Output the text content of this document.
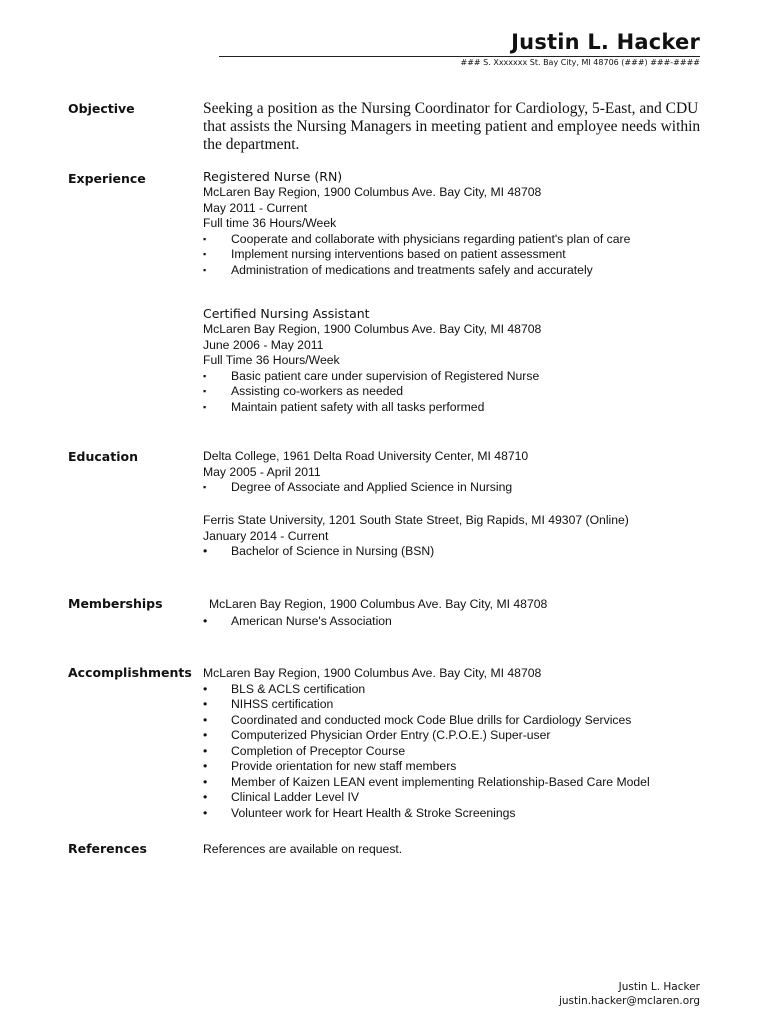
Justin L. Hacker
### S. Xxxxxxx St. Bay City, MI 48706 (###) ###-####
Objective	Seeking a position as the Nursing Coordinator for Cardiology, 5-East, and CDU
that assists the Nursing Managers in meeting patient and employee needs within
the department.
Experience	Registered Nurse (RN)
McLaren Bay Region, 1900 Columbus Ave. Bay City, MI 48708
May 2011 - Current
Full time 36 Hours/Week
▪ Cooperate and collaborate with physicians regarding patient's plan of care
▪ Implement nursing interventions based on patient assessment
▪ Administration of medications and treatments safely and accurately
Certified Nursing Assistant
McLaren Bay Region, 1900 Columbus Ave. Bay City, MI 48708
June 2006 - May 2011
Full Time 36 Hours/Week
▪ Basic patient care under supervision of Registered Nurse
▪ Assisting co-workers as needed
▪ Maintain patient safety with all tasks performed
Education	Delta College, 1961 Delta Road University Center, MI 48710
May 2005 - April 2011
▪ Degree of Associate and Applied Science in Nursing
Ferris State University, 1201 South State Street, Big Rapids, MI 49307 (Online)
January 2014 - Current
• Bachelor of Science in Nursing (BSN)
Memberships	McLaren Bay Region, 1900 Columbus Ave. Bay City, MI 48708
• American Nurse's Association
Accomplishments McLaren Bay Region, 1900 Columbus Ave. Bay City, MI 48708
• BLS & ACLS certification
• NIHSS certification
• Coordinated and conducted mock Code Blue drills for Cardiology Services
• Computerized Physician Order Entry (C.P.O.E.) Super-user
• Completion of Preceptor Course
• Provide orientation for new staff members
• Member of Kaizen LEAN event implementing Relationship-Based Care Model
• Clinical Ladder Level IV
• Volunteer work for Heart Health & Stroke Screenings
References	References are available on request.
Justin L. Hacker
justin.hacker@mclaren.org
